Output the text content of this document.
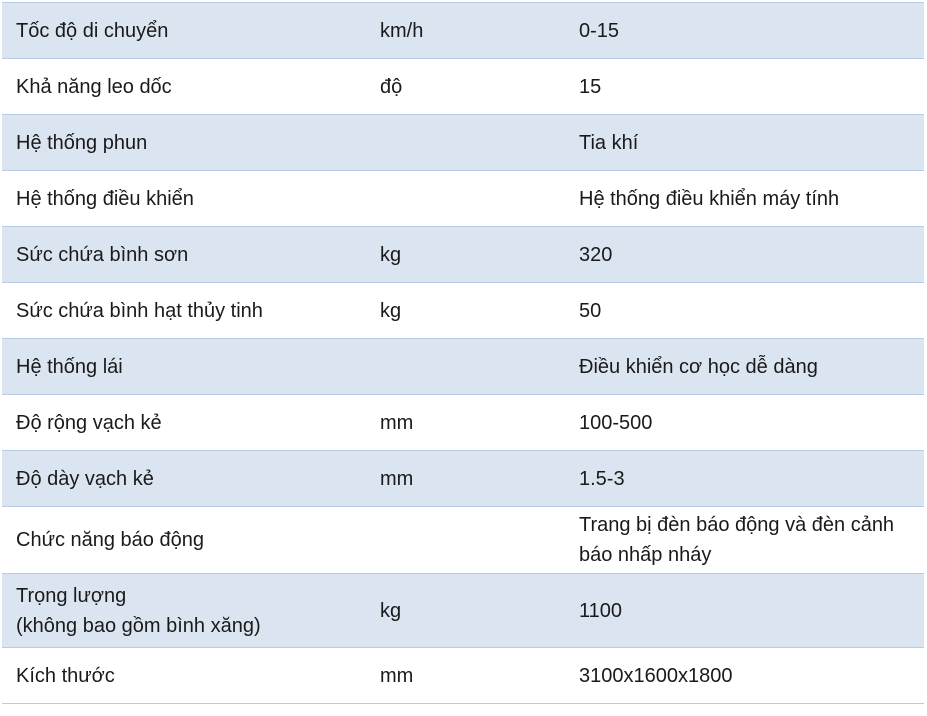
Tốc độ di chuyển	km/h	0-15
Khả năng leo dốc	độ	15
Hệ thống phun		Tia khí
Hệ thống điều khiển		Hệ thống điều khiển máy tính
Sức chứa bình sơn	kg	320
Sức chứa bình hạt thủy tinh	kg	50
Hệ thống lái		Điều khiển cơ học dễ dàng
Độ rộng vạch kẻ	mm	100-500
Độ dày vạch kẻ	mm	1.5-3
Chức năng báo động		Trang bị đèn báo động và đèn cảnh
báo nhấp nháy

Trọng lượng
(không bao gồm bình xăng)	kg	1100
Kích thước	mm	3100x1600x1800
